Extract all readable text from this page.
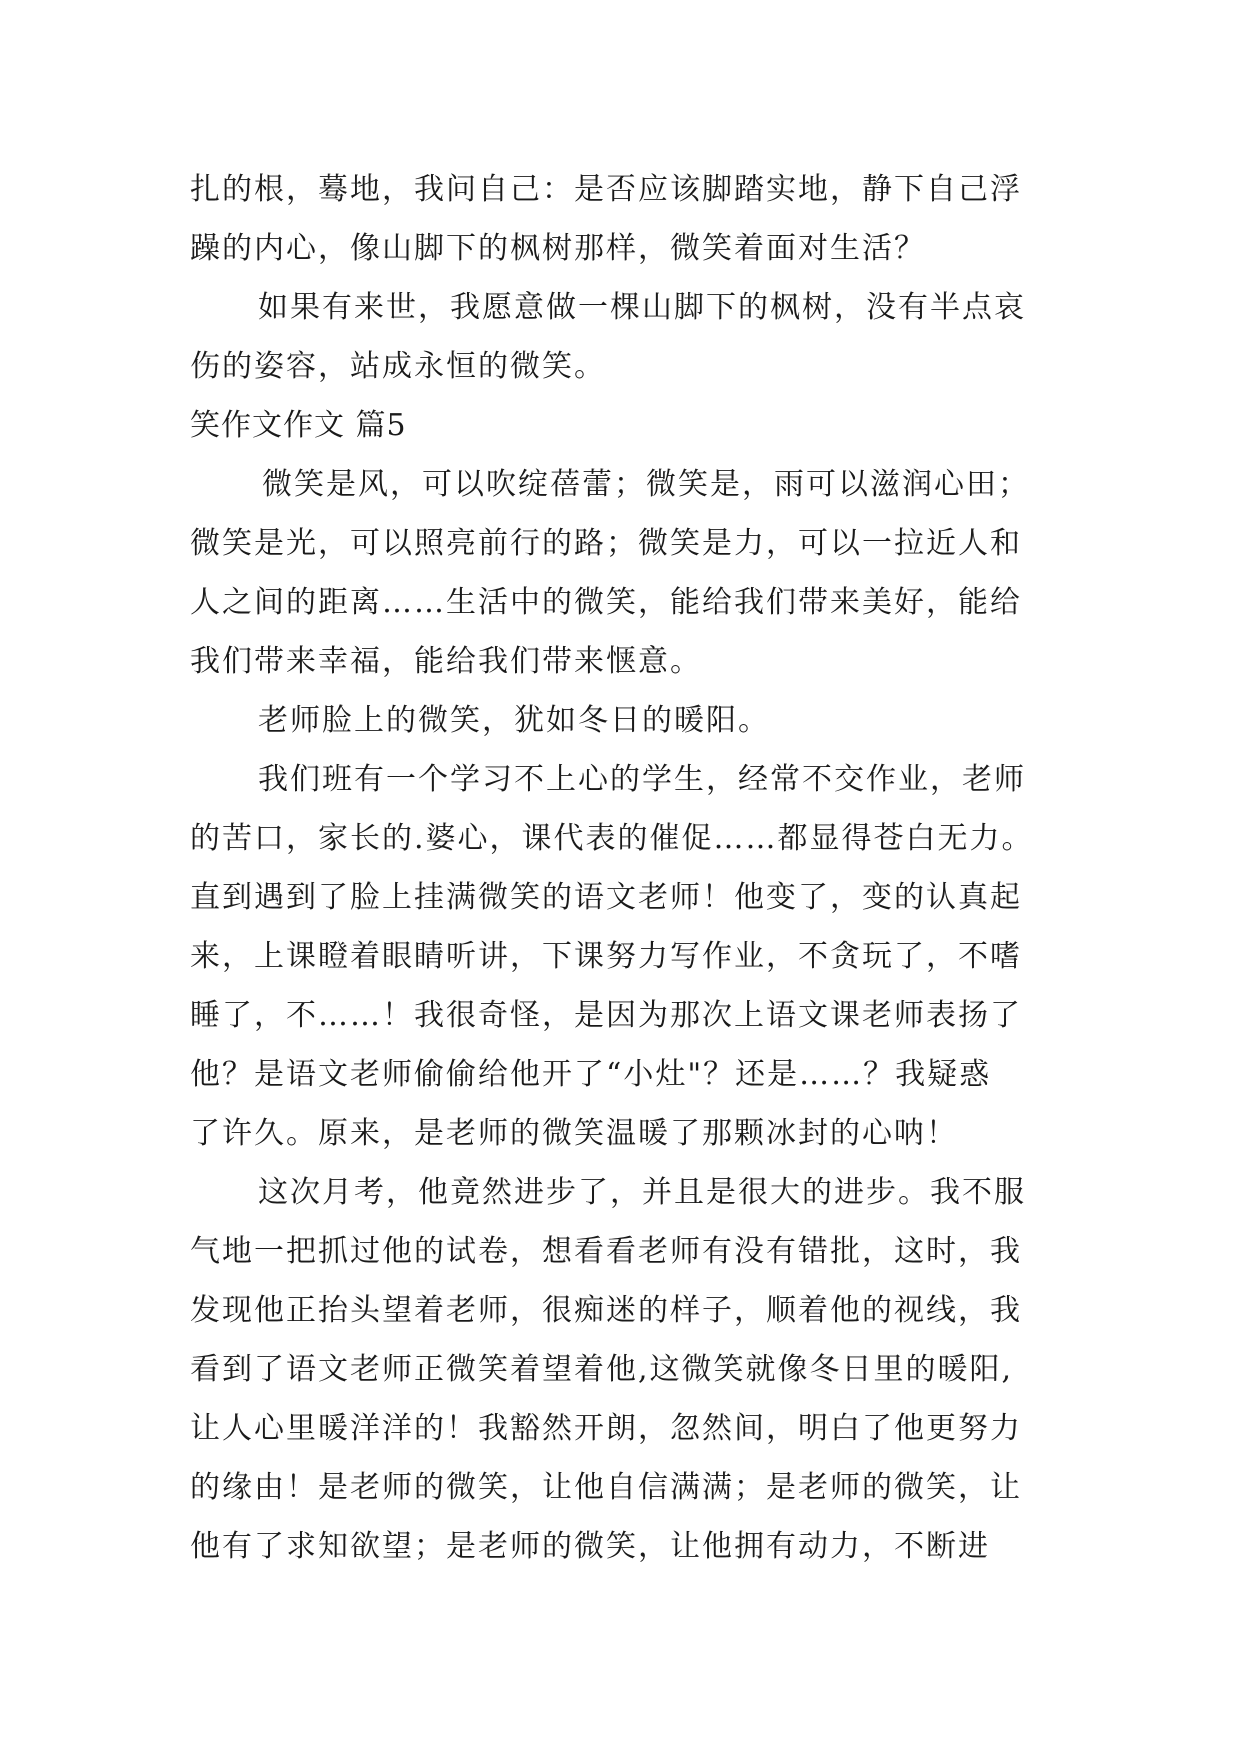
扎的根，蓦地，我问自己：是否应该脚踏实地，静下自己浮
躁的内心，像山脚下的枫树那样，微笑着面对生活？
如果有来世，我愿意做一棵山脚下的枫树，没有半点哀
伤的姿容，站成永恒的微笑。
笑作文作文 篇5
微笑是风，可以吹绽蓓蕾；微笑是，雨可以滋润心田；
微笑是光，可以照亮前行的路；微笑是力，可以一拉近人和
人之间的距离……生活中的微笑，能给我们带来美好，能给
我们带来幸福，能给我们带来惬意。
老师脸上的微笑，犹如冬日的暖阳。
我们班有一个学习不上心的学生，经常不交作业，老师
的苦口，家长的.婆心，课代表的催促……都显得苍白无力。
直到遇到了脸上挂满微笑的语文老师！他变了，变的认真起
来，上课瞪着眼睛听讲，下课努力写作业，不贪玩了，不嗜
睡了，不……！我很奇怪，是因为那次上语文课老师表扬了
他？是语文老师偷偷给他开了“小灶"？还是……？我疑惑
了许久。原来，是老师的微笑温暖了那颗冰封的心呐！
这次月考，他竟然进步了，并且是很大的进步。我不服
气地一把抓过他的试卷，想看看老师有没有错批，这时，我
发现他正抬头望着老师，很痴迷的样子，顺着他的视线，我
看到了语文老师正微笑着望着他,这微笑就像冬日里的暖阳,
让人心里暖洋洋的！我豁然开朗，忽然间，明白了他更努力
的缘由！是老师的微笑，让他自信满满；是老师的微笑，让
他有了求知欲望；是老师的微笑，让他拥有动力，不断进
